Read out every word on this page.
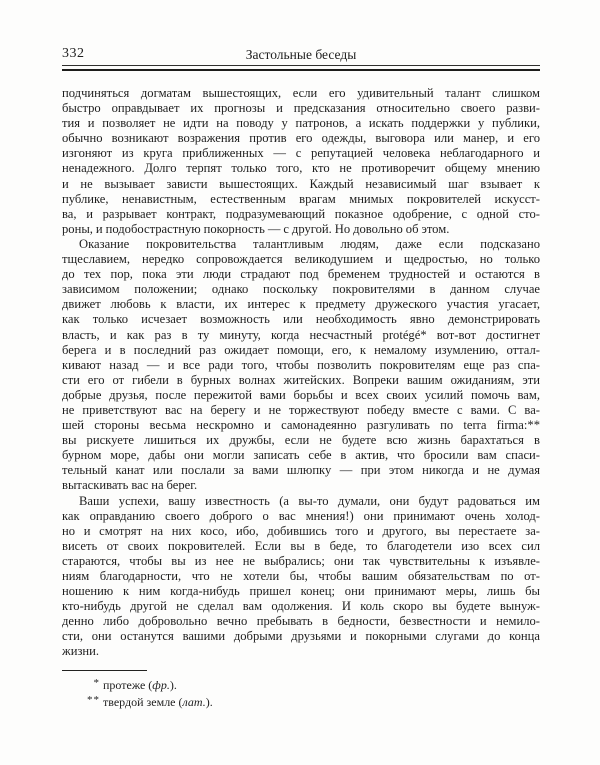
332	Застольные беседы
подчиняться догматам вышестоящих, если его удивительный талант слишком
быстро оправдывает их прогнозы и предсказания относительно своего разви-
тия и позволяет не идти на поводу у патронов, а искать поддержки у публики,
обычно возникают возражения против его одежды, выговора или манер, и его
изгоняют из круга приближенных — с репутацией человека неблагодарного и
ненадежного. Долго терпят только того, кто не противоречит общему мнению
и не вызывает зависти вышестоящих. Каждый независимый шаг взывает к
публике, ненавистным, естественным врагам мнимых покровителей искусст-
ва, и разрывает контракт, подразумевающий показное одобрение, с одной сто-
роны, и подобострастную покорность — с другой. Но довольно об этом.
Оказание покровительства талантливым людям, даже если подсказано
тщеславием, нередко сопровождается великодушием и щедростью, но только
до тех пор, пока эти люди страдают под бременем трудностей и остаются в
зависимом положении; однако поскольку покровителями в данном случае
движет любовь к власти, их интерес к предмету дружеского участия угасает,
как только исчезает возможность или необходимость явно демонстрировать
власть, и как раз в ту минуту, когда несчастный protégé* вот-вот достигнет
берега и в последний раз ожидает помощи, его, к немалому изумлению, оттал-
кивают назад — и все ради того, чтобы позволить покровителям еще раз спа-
сти его от гибели в бурных волнах житейских. Вопреки вашим ожиданиям, эти
добрые друзья, после пережитой вами борьбы и всех своих усилий помочь вам,
не приветствуют вас на берегу и не торжествуют победу вместе с вами. С ва-
шей стороны весьма нескромно и самонадеянно разгуливать по terra firma:**
вы рискуете лишиться их дружбы, если не будете всю жизнь барахтаться в
бурном море, дабы они могли записать себе в актив, что бросили вам спаси-
тельный канат или послали за вами шлюпку — при этом никогда и не думая
вытаскивать вас на берег.
Ваши успехи, вашу известность (а вы-то думали, они будут радоваться им
как оправданию своего доброго о вас мнения!) они принимают очень холод-
но и смотрят на них косо, ибо, добившись того и другого, вы перестаете за-
висеть от своих покровителей. Если вы в беде, то благодетели изо всех сил
стараются, чтобы вы из нее не выбрались; они так чувствительны к изъявле-
ниям благодарности, что не хотели бы, чтобы вашим обязательствам по от-
ношению к ним когда-нибудь пришел конец; они принимают меры, лишь бы
кто-нибудь другой не сделал вам одолжения. И коль скоро вы будете вынуж-
денно либо добровольно вечно пребывать в бедности, безвестности и немило-
сти, они останутся вашими добрыми друзьями и покорными слугами до конца
жизни.
* протеже (фр.).
** твердой земле (лат.).
